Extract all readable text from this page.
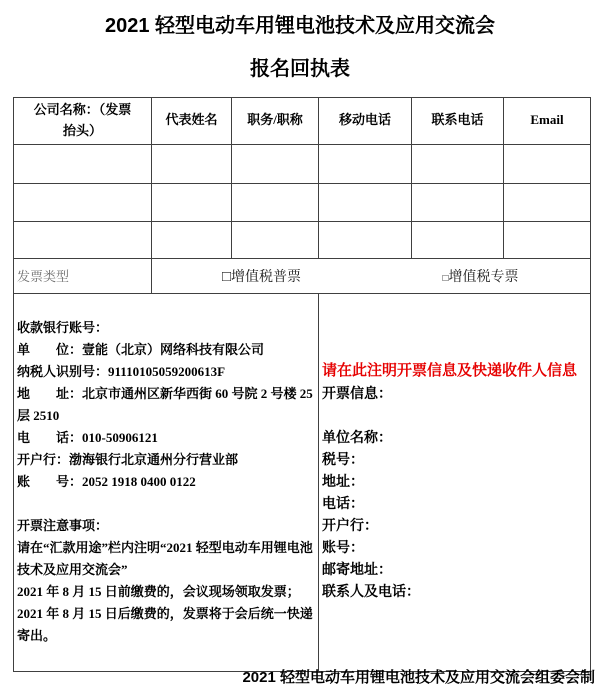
2021 轻型电动车用锂电池技术及应用交流会
报名回执表
公司名称：（发票抬头）	代表姓名	职务/职称	移动电话	联系电话	Email

发票类型	□增值税普票 □增值税专票				

收款银行账号：
单　　位：壹能（北京）网络科技有限公司
纳税人识别号：91110105059200613F
地　　址：北京市通州区新华西街 60 号院 2 号楼 25 层 2510
电　　话：010-50906121
开户行：渤海银行北京通州分行营业部
账　　号：2052 1918 0400 0122
开票注意事项：
请在“汇款用途”栏内注明“2021 轻型电动车用锂电池技术及应用交流会”
2021 年 8 月 15 日前缴费的，会议现场领取发票；
2021 年 8 月 15 日后缴费的，发票将于会后统一快递寄出。

请在此注明开票信息及快递收件人信息
开票信息：
单位名称：
税号：
地址：
电话：
开户行：
账号：
邮寄地址：
联系人及电话：
2021 轻型电动车用锂电池技术及应用交流会组委会制
